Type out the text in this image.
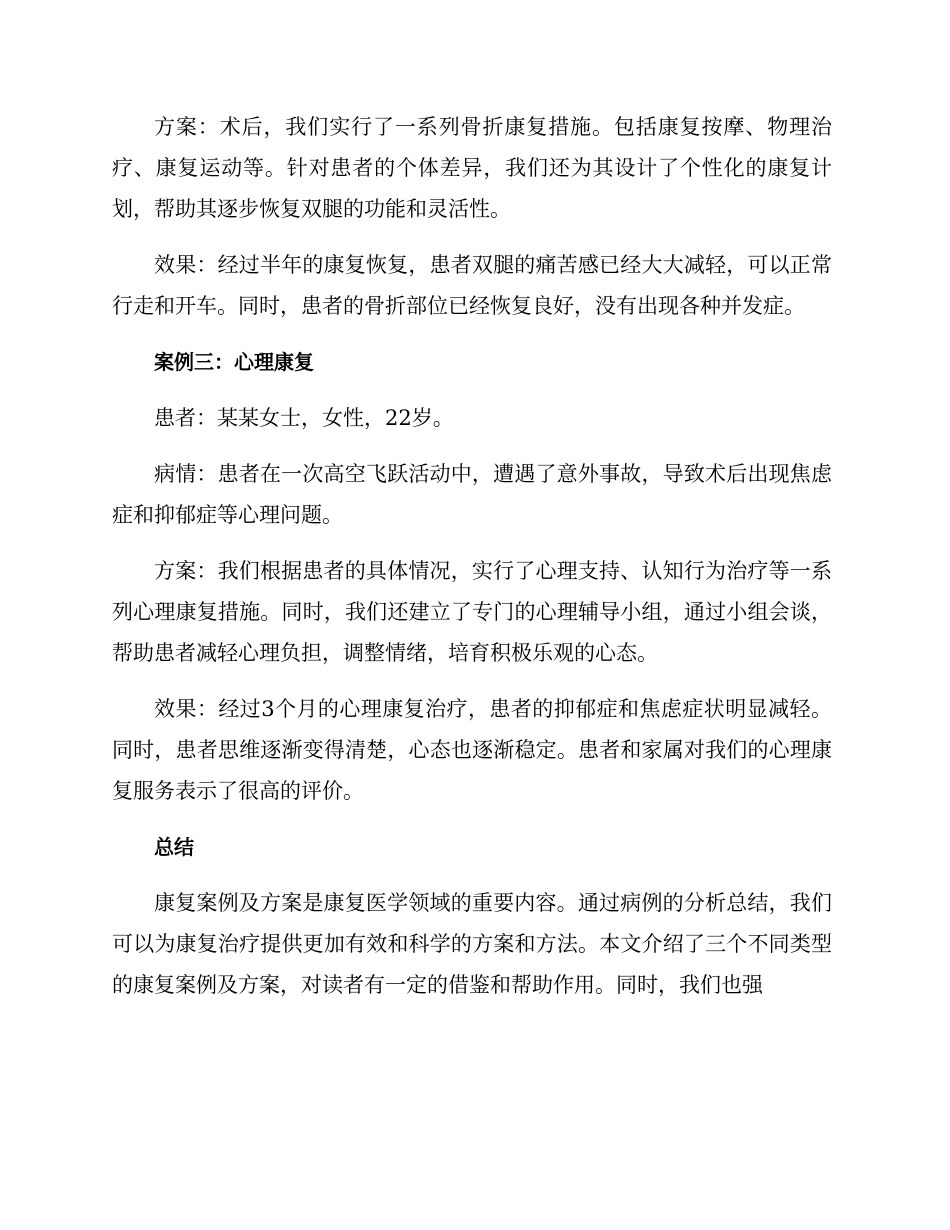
方案：术后，我们实行了一系列骨折康复措施。包括康复按摩、物理治疗、康复运动等。针对患者的个体差异，我们还为其设计了个性化的康复计划，帮助其逐步恢复双腿的功能和灵活性。

效果：经过半年的康复恢复，患者双腿的痛苦感已经大大减轻，可以正常行走和开车。同时，患者的骨折部位已经恢复良好，没有出现各种并发症。

案例三：心理康复

患者：某某女士，女性，22岁。

病情：患者在一次高空飞跃活动中，遭遇了意外事故，导致术后出现焦虑症和抑郁症等心理问题。

方案：我们根据患者的具体情况，实行了心理支持、认知行为治疗等一系列心理康复措施。同时，我们还建立了专门的心理辅导小组，通过小组会谈，帮助患者减轻心理负担，调整情绪，培育积极乐观的心态。

效果：经过3个月的心理康复治疗，患者的抑郁症和焦虑症状明显减轻。同时，患者思维逐渐变得清楚，心态也逐渐稳定。患者和家属对我们的心理康复服务表示了很高的评价。

总结

康复案例及方案是康复医学领域的重要内容。通过病例的分析总结，我们可以为康复治疗提供更加有效和科学的方案和方法。本文介绍了三个不同类型的康复案例及方案，对读者有一定的借鉴和帮助作用。同时，我们也强
